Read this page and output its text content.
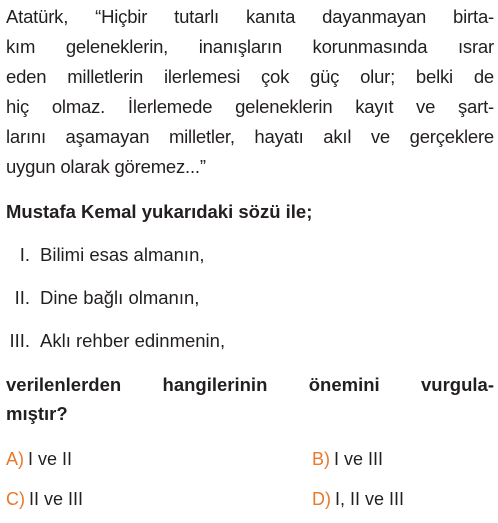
Atatürk, “Hiçbir tutarlı kanıta dayanmayan birta-
kım geleneklerin, inanışların korunmasında ısrar
eden milletlerin ilerlemesi çok güç olur; belki de
hiç olmaz. İlerlemede geleneklerin kayıt ve şart-
larını aşamayan milletler, hayatı akıl ve gerçeklere
uygun olarak göremez...”

Mustafa Kemal yukarıdaki sözü ile;

I. Bilimi esas almanın,
II. Dine bağlı olmanın,
III. Aklı rehber edinmenin,
verilenlerden hangilerinin önemini vurgula-
mıştır?
A) I ve II	B) I ve III
C) II ve III	D) I, II ve III
